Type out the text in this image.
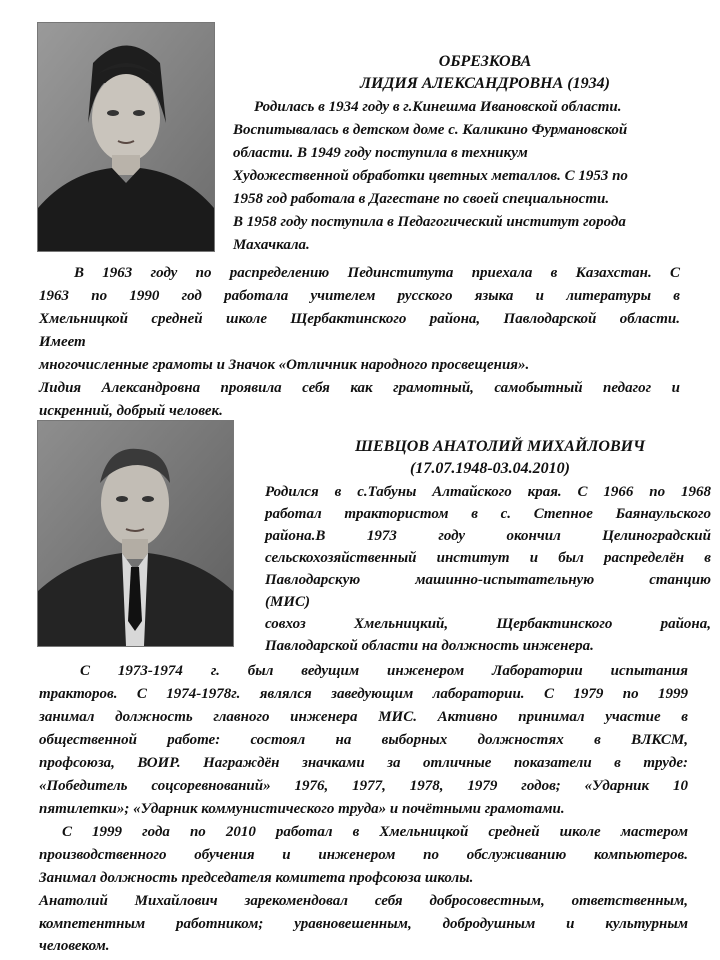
ОБРЕЗКОВА
ЛИДИЯ АЛЕКСАНДРОВНА (1934)
Родилась в 1934 году в г.Кинешма Ивановской области.
Воспитывалась в детском доме с. Каликино Фурмановской
области. В 1949 году поступила в техникум
Художественной обработки цветных металлов. С 1953 по
1958 год работала в Дагестане по своей специальности.
В 1958 году поступила в Педагогический институт города
Махачкала.
В 1963 году по распределению Пединститута приехала в Казахстан. С
1963 по 1990 год работала учителем русского языка и литературы в
Хмельницкой средней школе Щербактинского района, Павлодарской области.
Имеет
многочисленные грамоты и Значок «Отличник народного просвещения».
Лидия Александровна проявила себя как грамотный, самобытный педагог и
искренний, добрый человек.
ШЕВЦОВ АНАТОЛИЙ МИХАЙЛОВИЧ
(17.07.1948-03.04.2010)
Родился в с.Табуны Алтайского края. С 1966 по 1968
работал трактористом в с. Степное Баянаульского
района.В 1973 году окончил Целиноградский
сельскохозяйственный институт и был распределён в
Павлодарскую машинно-испытательную станцию
(МИС)
совхоз Хмельницкий, Щербактинского района,
Павлодарской области на должность инженера.
С 1973-1974 г. был ведущим инженером Лаборатории испытания
тракторов. С 1974-1978г. являлся заведующим лаборатории. С 1979 по 1999
занимал должность главного инженера МИС. Активно принимал участие в
общественной работе: состоял на выборных должностях в ВЛКСМ,
профсоюза, ВОИР. Награждён значками за отличные показатели в труде:
«Победитель соцсоревнований» 1976, 1977, 1978, 1979 годов; «Ударник 10
пятилетки»; «Ударник коммунистического труда» и почётными грамотами.
С 1999 года по 2010 работал в Хмельницкой средней школе мастером
производственного обучения и инженером по обслуживанию компьютеров.
Занимал должность председателя комитета профсоюза школы.
Анатолий Михайлович зарекомендовал себя добросовестным, ответственным,
компетентным работником; уравновешенным, добродушным и культурным
человеком.
